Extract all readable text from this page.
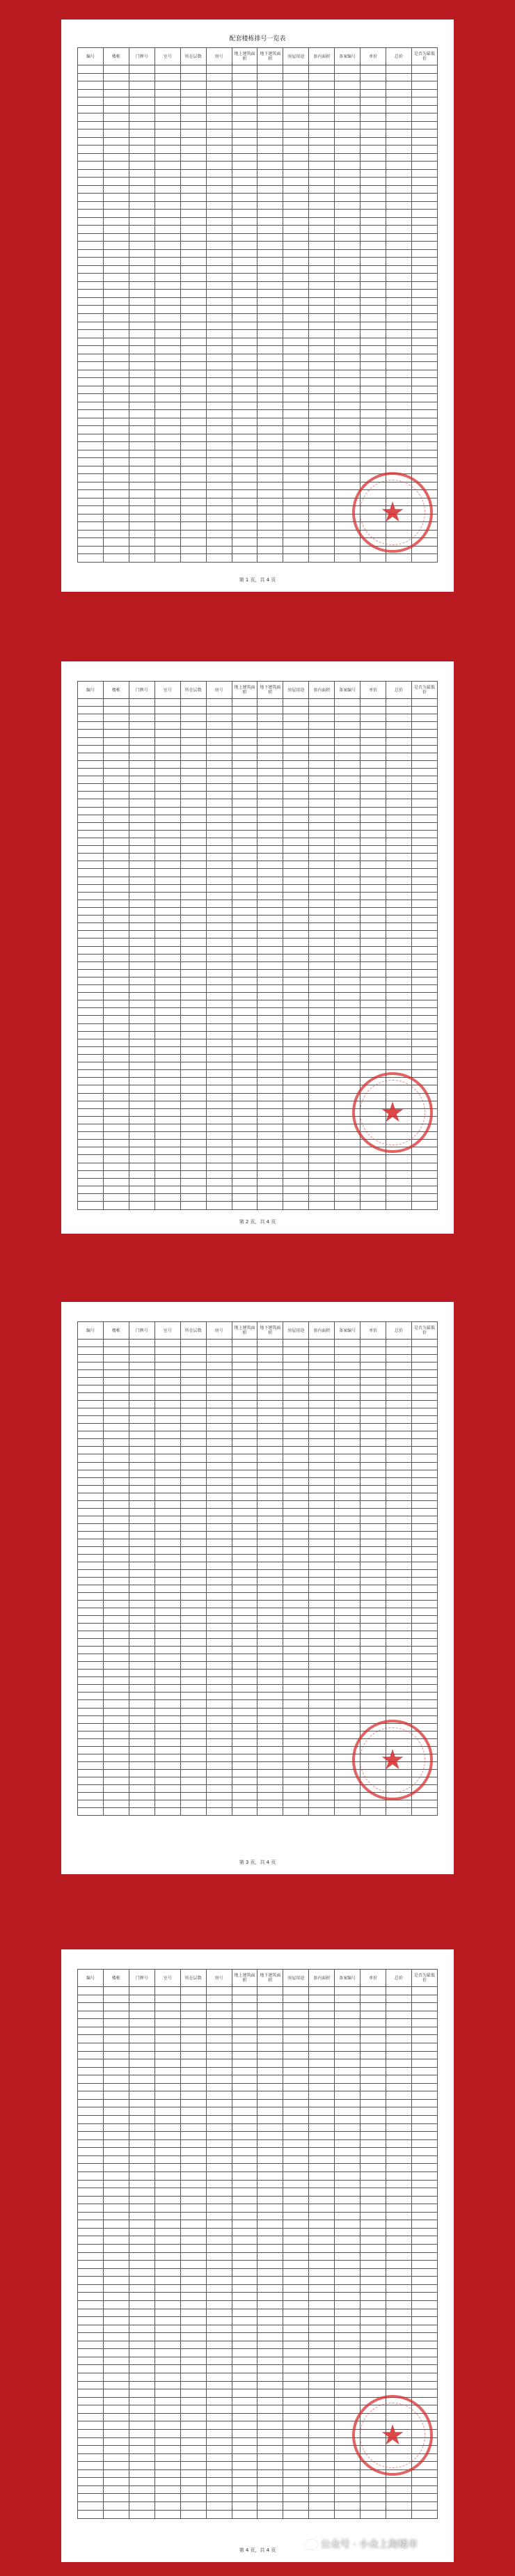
配套楼栋排号一览表
编号	楼栋	门牌号	室号	所在层数	房号	地上建筑面积	地下建筑面积	房屋用途	套内面积	备案编号	单价	总价	是否为最低价

★
第 1 页，共 4 页
编号	楼栋	门牌号	室号	所在层数	房号	地上建筑面积	地下建筑面积	房屋用途	套内面积	备案编号	单价	总价	是否为最低价

★
第 2 页，共 4 页
编号	楼栋	门牌号	室号	所在层数	房号	地上建筑面积	地下建筑面积	房屋用途	套内面积	备案编号	单价	总价	是否为最低价

★
第 3 页，共 4 页
编号	楼栋	门牌号	室号	所在层数	房号	地上建筑面积	地下建筑面积	房屋用途	套内面积	备案编号	单价	总价	是否为最低价

★
第 4 页，共 4 页	公众号 · 小众上海楼市
